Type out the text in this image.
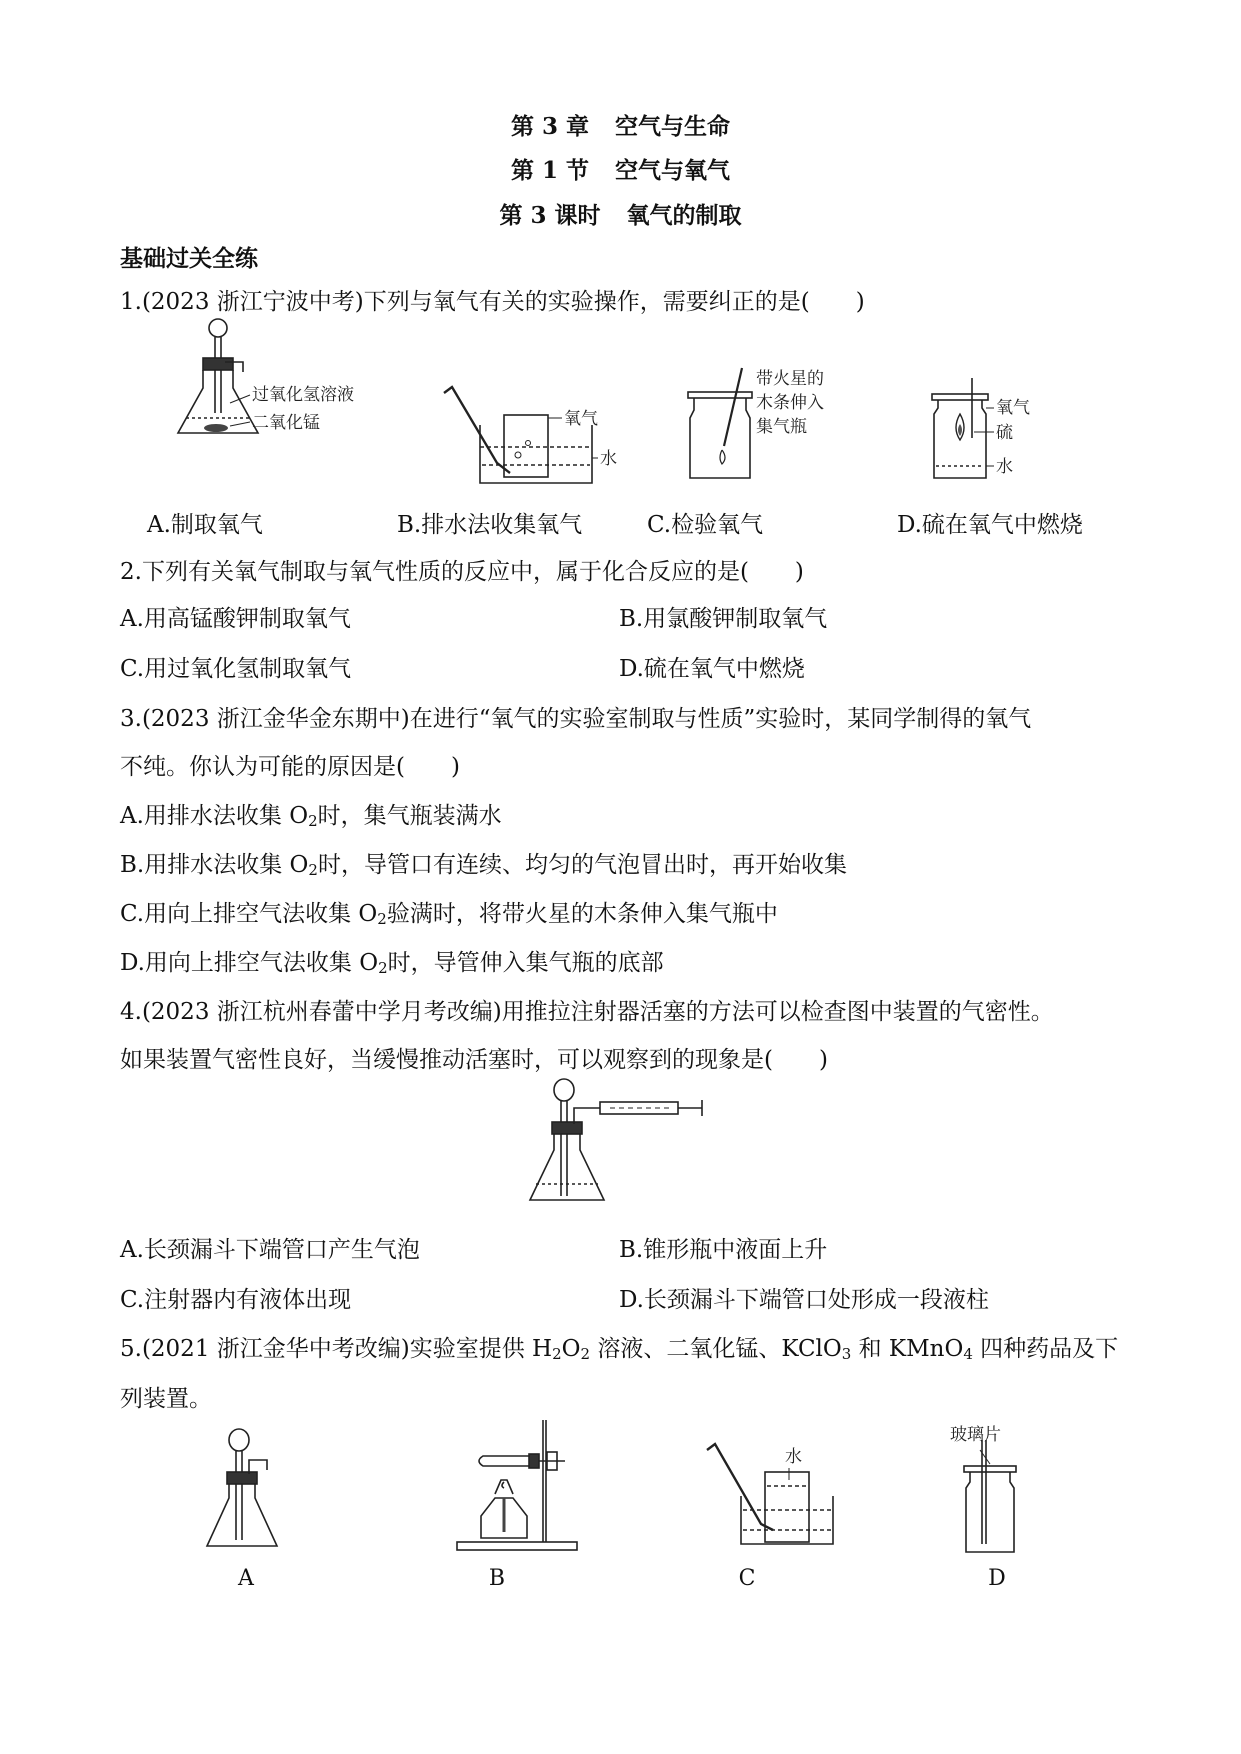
第 3 章 空气与生命
第 1 节 空气与氧气
第 3 课时 氧气的制取
基础过关全练
1.(2023 浙江宁波中考)下列与氧气有关的实验操作，需要纠正的是(　　)
过氧化氢溶液
二氧化锰	氧气
水
带火星的
木条伸入
集气瓶
氧气
硫
水
A.制取氧气	B.排水法收集氧气	C.检验氧气	D.硫在氧气中燃烧
2.下列有关氧气制取与氧气性质的反应中，属于化合反应的是(　　)
A.用高锰酸钾制取氧气	B.用氯酸钾制取氧气
C.用过氧化氢制取氧气	D.硫在氧气中燃烧
3.(2023 浙江金华金东期中)在进行“氧气的实验室制取与性质”实验时，某同学制得的氧气
不纯。你认为可能的原因是(　　)
A.用排水法收集 $O_2$时，集气瓶装满水
B.用排水法收集 $O_2$时，导管口有连续、均匀的气泡冒出时，再开始收集
C.用向上排空气法收集 $O_2$验满时，将带火星的木条伸入集气瓶中
D.用向上排空气法收集 $O_2$时，导管伸入集气瓶的底部
4.(2023 浙江杭州春蕾中学月考改编)用推拉注射器活塞的方法可以检查图中装置的气密性。
如果装置气密性良好，当缓慢推动活塞时，可以观察到的现象是(　　)
A.长颈漏斗下端管口产生气泡	B.锥形瓶中液面上升
C.注射器内有液体出现	D.长颈漏斗下端管口处形成一段液柱
5.(2021 浙江金华中考改编)实验室提供 $H_2O_2$ 溶液、二氧化锰、KClO$_3$ 和 KMnO$_4$ 四种药品及下
列装置。
水
玻璃片
A	B	C	D
